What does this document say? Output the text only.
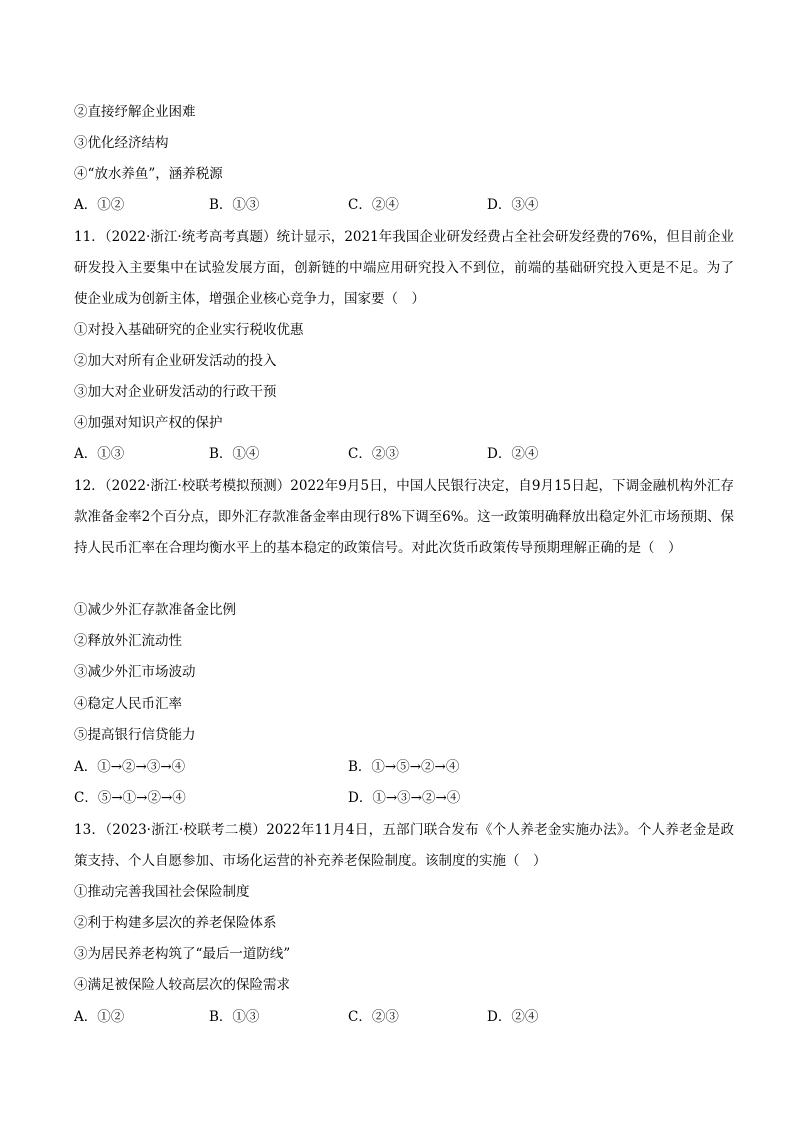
②直接纾解企业困难
③优化经济结构
④“放水养鱼”，涵养税源
A．①②	B．①③	C．②④	D．③④
11．（2022·浙江·统考高考真题）统计显示，2021年我国企业研发经费占全社会研发经费的76%，但目前企业研发投入主要集中在试验发展方面，创新链的中端应用研究投入不到位，前端的基础研究投入更是不足。为了使企业成为创新主体，增强企业核心竞争力，国家要（　）
①对投入基础研究的企业实行税收优惠
②加大对所有企业研发活动的投入
③加大对企业研发活动的行政干预
④加强对知识产权的保护
A．①③	B．①④	C．②③	D．②④
12．（2022·浙江·校联考模拟预测）2022年9月5日，中国人民银行决定，自9月15日起，下调金融机构外汇存款准备金率2个百分点，即外汇存款准备金率由现行8%下调至6%。这一政策明确释放出稳定外汇市场预期、保持人民币汇率在合理均衡水平上的基本稳定的政策信号。对此次货币政策传导预期理解正确的是（　）
①减少外汇存款准备金比例
②释放外汇流动性
③减少外汇市场波动
④稳定人民币汇率
⑤提高银行信贷能力
A．①→②→③→④	B．①→⑤→②→④
C．⑤→①→②→④	D．①→③→②→④
13．（2023·浙江·校联考二模）2022年11月4日，五部门联合发布《个人养老金实施办法》。个人养老金是政策支持、个人自愿参加、市场化运营的补充养老保险制度。该制度的实施（　）
①推动完善我国社会保险制度
②利于构建多层次的养老保险体系
③为居民养老构筑了“最后一道防线”
④满足被保险人较高层次的保险需求
A．①②	B．①③	C．②③	D．②④
